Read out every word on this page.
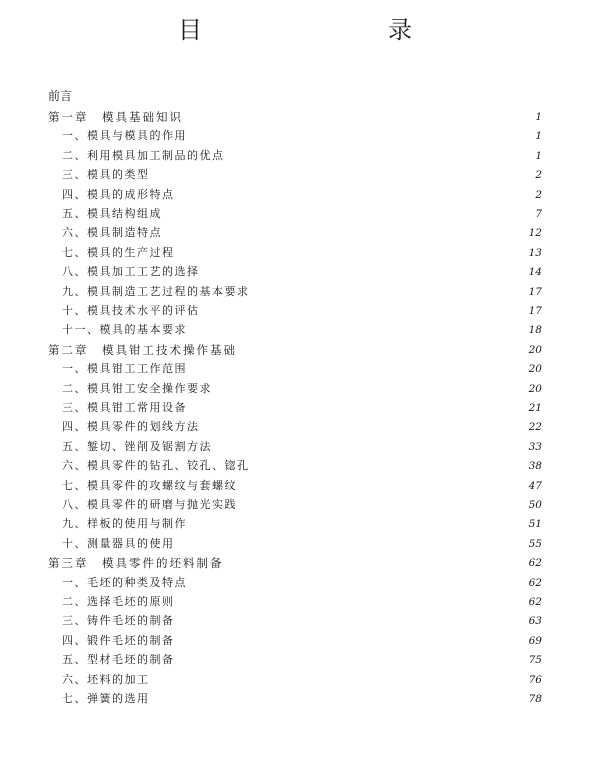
目　　录
前言
第一章　模具基础知识	1
一、模具与模具的作用	1
二、利用模具加工制品的优点	1
三、模具的类型	2
四、模具的成形特点	2
五、模具结构组成	7
六、模具制造特点	12
七、模具的生产过程	13
八、模具加工工艺的选择	14
九、模具制造工艺过程的基本要求	17
十、模具技术水平的评估	17
十一、模具的基本要求	18
第二章　模具钳工技术操作基础	20
一、模具钳工工作范围	20
二、模具钳工安全操作要求	20
三、模具钳工常用设备	21
四、模具零件的划线方法	22
五、錾切、锉削及锯割方法	33
六、模具零件的钻孔、铰孔、锪孔	38
七、模具零件的攻螺纹与套螺纹	47
八、模具零件的研磨与抛光实践	50
九、样板的使用与制作	51
十、测量器具的使用	55
第三章　模具零件的坯料制备	62
一、毛坯的种类及特点	62
二、选择毛坯的原则	62
三、铸件毛坯的制备	63
四、锻件毛坯的制备	69
五、型材毛坯的制备	75
六、坯料的加工	76
七、弹簧的选用	78
